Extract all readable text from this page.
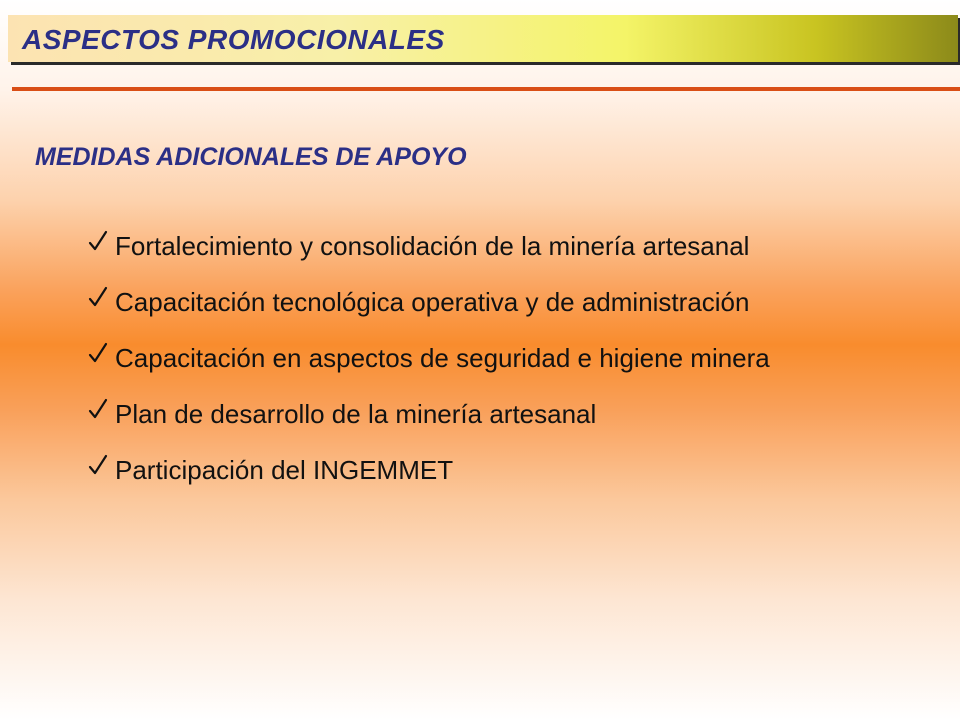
ASPECTOS PROMOCIONALES
MEDIDAS ADICIONALES DE APOYO
Fortalecimiento y consolidación de la minería artesanal
Capacitación tecnológica operativa y de administración
Capacitación en aspectos de seguridad e higiene minera
Plan de desarrollo de la minería artesanal
Participación del INGEMMET
